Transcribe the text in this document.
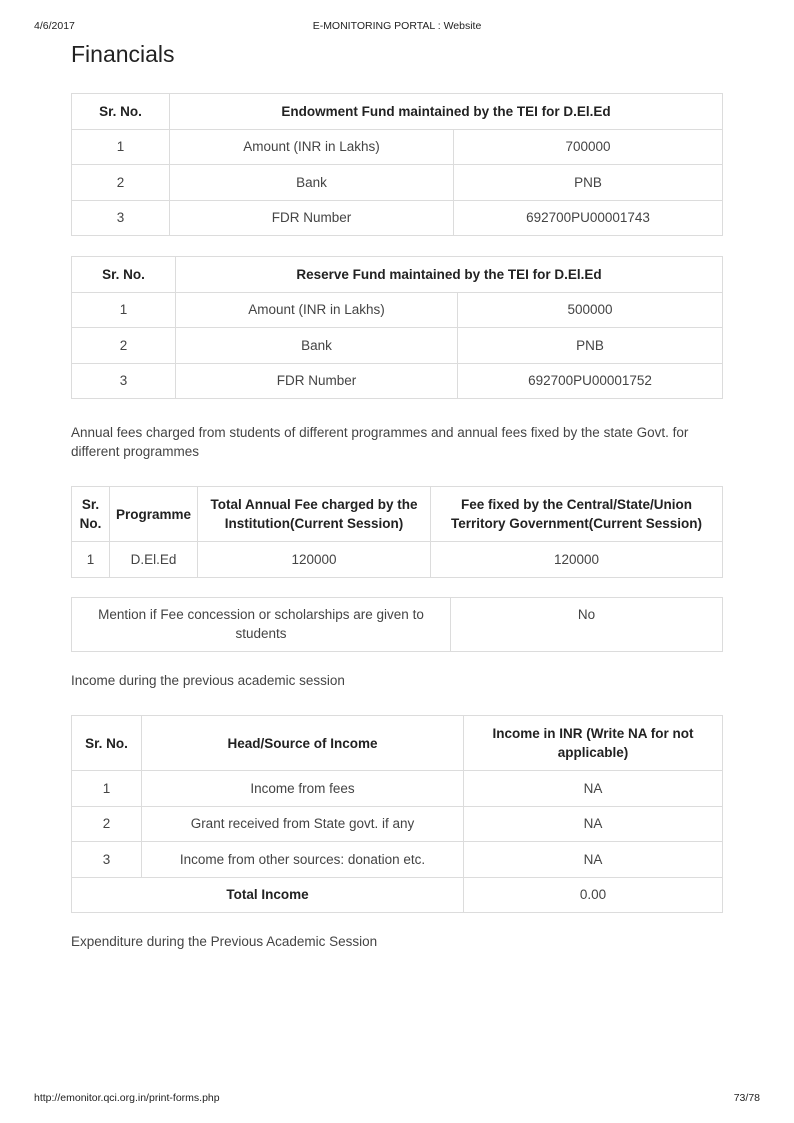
4/6/2017	E-MONITORING PORTAL : Website
Financials
Sr. No.	Endowment Fund maintained by the TEI for D.El.Ed	
1	Amount (INR in Lakhs)	700000
2	Bank	PNB
3	FDR Number	692700PU00001743
Sr. No.	Reserve Fund maintained by the TEI for D.El.Ed	
1	Amount (INR in Lakhs)	500000
2	Bank	PNB
3	FDR Number	692700PU00001752
Annual fees charged from students of different programmes and annual fees fixed by the state Govt. for different programmes
Sr. No.	Programme	Total Annual Fee charged by the Institution(Current Session)	Fee fixed by the Central/State/Union Territory Government(Current Session)
1	D.El.Ed	120000	120000
Mention if Fee concession or scholarships are given to students	No
Income during the previous academic session
Sr. No.	Head/Source of Income	Income in INR (Write NA for not applicable)
1	Income from fees	NA
2	Grant received from State govt. if any	NA
3	Income from other sources: donation etc.	NA
Total Income		0.00
Expenditure during the Previous Academic Session
http://emonitor.qci.org.in/print-forms.php	73/78
